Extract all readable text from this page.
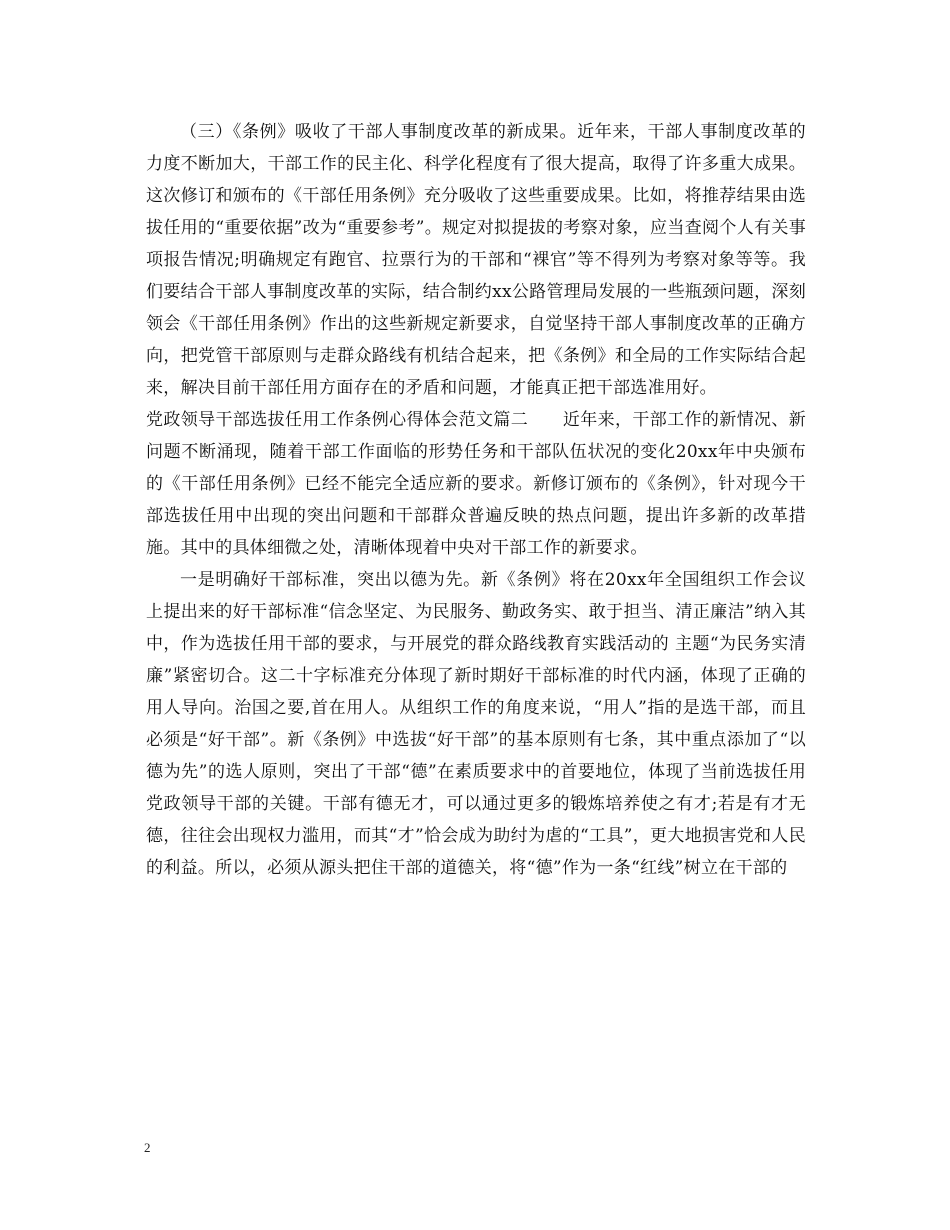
（三）《条例》吸收了干部人事制度改革的新成果。近年来，干部人事制度改革的力度不断加大，干部工作的民主化、科学化程度有了很大提高，取得了许多重大成果。这次修订和颁布的《干部任用条例》充分吸收了这些重要成果。比如，将推荐结果由选拔任用的“重要依据”改为“重要参考”。规定对拟提拔的考察对象，应当查阅个人有关事项报告情况;明确规定有跑官、拉票行为的干部和“裸官”等不得列为考察对象等等。我们要结合干部人事制度改革的实际，结合制约xx公路管理局发展的一些瓶颈问题，深刻领会《干部任用条例》作出的这些新规定新要求，自觉坚持干部人事制度改革的正确方向，把党管干部原则与走群众路线有机结合起来，把《条例》和全局的工作实际结合起来，解决目前干部任用方面存在的矛盾和问题，才能真正把干部选准用好。

党政领导干部选拔任用工作条例心得体会范文篇二　　近年来，干部工作的新情况、新问题不断涌现，随着干部工作面临的形势任务和干部队伍状况的变化20xx年中央颁布的《干部任用条例》已经不能完全适应新的要求。新修订颁布的《条例》，针对现今干部选拔任用中出现的突出问题和干部群众普遍反映的热点问题，提出许多新的改革措施。其中的具体细微之处，清晰体现着中央对干部工作的新要求。

一是明确好干部标准，突出以德为先。新《条例》将在20xx年全国组织工作会议上提出来的好干部标准“信念坚定、为民服务、勤政务实、敢于担当、清正廉洁”纳入其中，作为选拔任用干部的要求，与开展党的群众路线教育实践活动的 主题“为民务实清廉”紧密切合。这二十字标准充分体现了新时期好干部标准的时代内涵，体现了正确的用人导向。治国之要,首在用人。从组织工作的角度来说，“用人”指的是选干部，而且必须是“好干部”。新《条例》中选拔“好干部”的基本原则有七条，其中重点添加了“以德为先”的选人原则，突出了干部“德”在素质要求中的首要地位，体现了当前选拔任用党政领导干部的关键。干部有德无才，可以通过更多的锻炼培养使之有才;若是有才无德，往往会出现权力滥用，而其“才”恰会成为助纣为虐的“工具”，更大地损害党和人民的利益。所以，必须从源头把住干部的道德关，将“德”作为一条“红线”树立在干部的

2
